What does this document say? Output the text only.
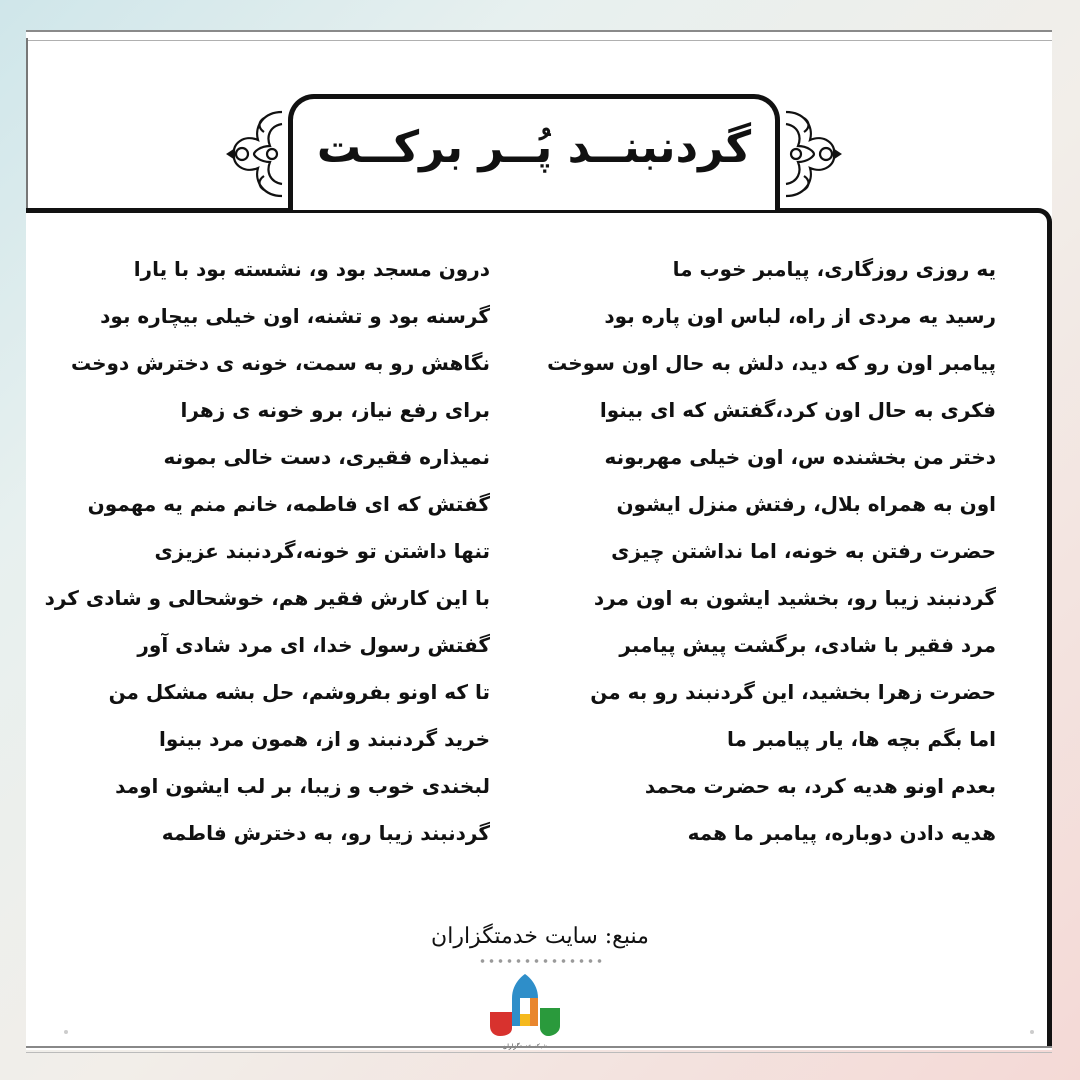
گردنبنــد پُــر برکــت
یه روزی روزگاری، پیامبر خوب ما
رسید یه مردی از راه، لباس اون پاره بود
پیامبر اون رو که دید، دلش به حال اون سوخت
فکری به حال اون کرد،گفتش که ای بینوا
دختر من بخشنده س، اون خیلی مهربونه
اون به همراه بلال، رفتش منزل ایشون
حضرت رفتن به خونه، اما نداشتن چیزی
گردنبند زیبا رو، بخشید ایشون به اون مرد
مرد فقیر با شادی، برگشت پیش پیامبر
حضرت زهرا بخشید، این گردنبند رو به من
اما بگم بچه ها، یار پیامبر ما
بعدم اونو هدیه کرد، به حضرت محمد
هدیه دادن دوباره، پیامبر ما همه
درون مسجد بود و، نشسته بود با یارا
گرسنه بود و تشنه، اون خیلی بیچاره بود
نگاهش رو به سمت، خونه ی دخترش دوخت
برای رفع نیاز، برو خونه ی زهرا
نمیذاره فقیری، دست خالی بمونه
گفتش که ای فاطمه، خانم منم یه مهمون
تنها داشتن تو خونه،گردنبند عزیزی
با این کارش فقیر هم، خوشحالی و شادی کرد
گفتش رسول خدا، ای مرد شادی آور
تا که اونو بفروشم، حل بشه مشکل من
خرید گردنبند و از، همون مرد بینوا
لبخندی خوب و زیبا، بر لب ایشون اومد
گردنبند زیبا رو، به دخترش فاطمه
منبع: سایت خدمتگزاران
